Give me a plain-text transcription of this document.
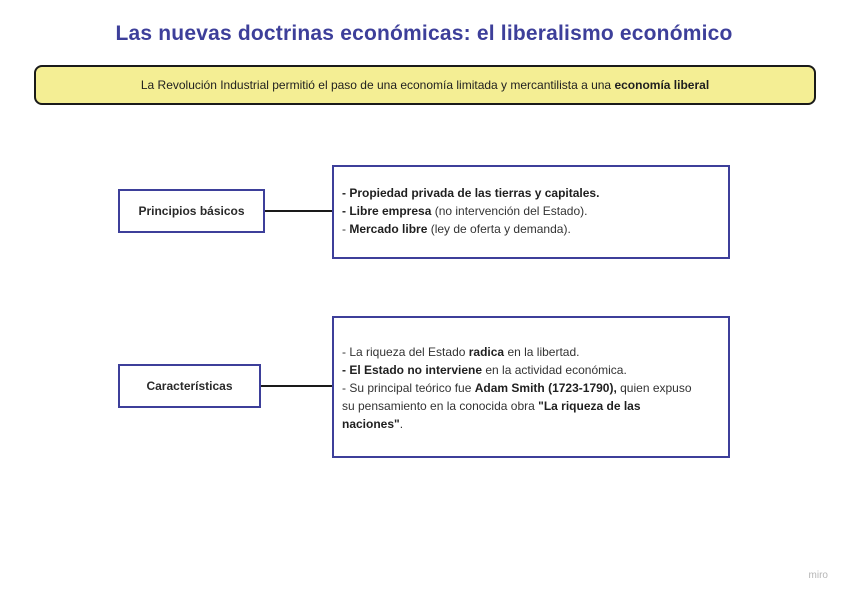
Las nuevas doctrinas económicas: el liberalismo económico
La Revolución Industrial permitió el paso de una economía limitada y mercantilista a una economía liberal
Principios básicos
- Propiedad privada de las tierras y capitales.
- Libre empresa (no intervención del Estado).
- Mercado libre (ley de oferta y demanda).
Características
- La riqueza del Estado radica en la libertad.
- El Estado no interviene en la actividad económica.
- Su principal teórico fue Adam Smith (1723-1790), quien expuso su pensamiento en la conocida obra "La riqueza de las naciones".
miro
